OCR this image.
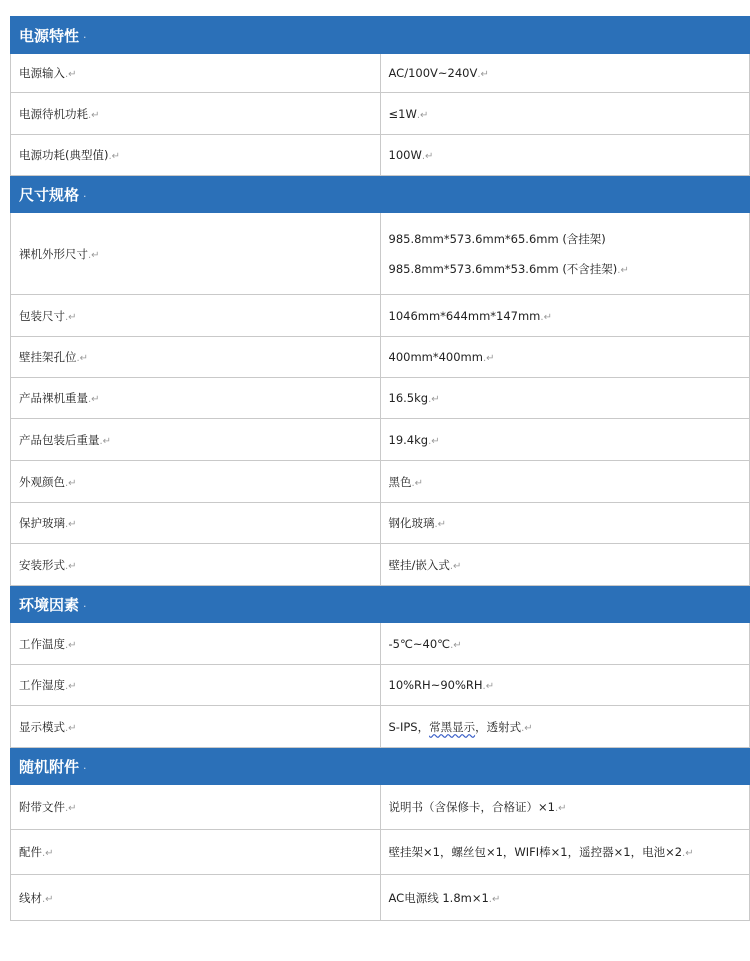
电源特性 ·	
电源输入.↵	AC/100V~240V.↵
电源待机功耗.↵	≤1W.↵
电源功耗(典型值).↵	100W.↵
尺寸规格 ·	
裸机外形尺寸.↵	985.8mm*573.6mm*65.6mm (含挂架)
985.8mm*573.6mm*53.6mm (不含挂架).↵

包装尺寸.↵	1046mm*644mm*147mm.↵
壁挂架孔位.↵	400mm*400mm.↵
产品裸机重量.↵	16.5kg.↵
产品包装后重量.↵	19.4kg.↵
外观颜色.↵	黑色.↵
保护玻璃.↵	钢化玻璃.↵
安装形式.↵	壁挂/嵌入式.↵
环境因素 ·	
工作温度.↵	-5℃~40℃.↵
工作湿度.↵	10%RH~90%RH.↵
显示模式.↵	S-IPS，常黑显示，透射式.↵
随机附件 ·	
附带文件.↵	说明书（含保修卡，合格证）×1.↵
配件.↵	壁挂架×1，螺丝包×1，WIFI棒×1，遥控器×1，电池×2.↵
线材.↵	AC电源线 1.8m×1.↵
